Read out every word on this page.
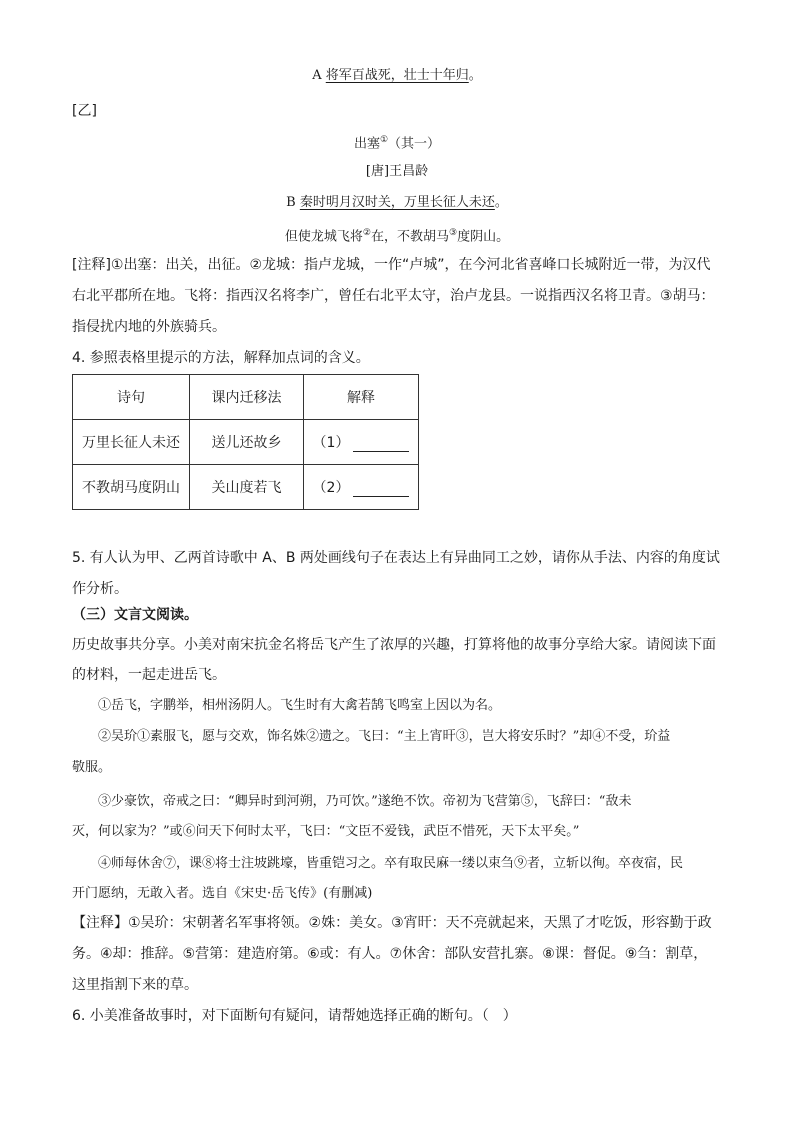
A 将军百战死，壮士十年归。
[乙]
出塞①（其一）
[唐]王昌龄
B 秦时明月汉时关，万里长征人未还。
但使龙城飞将②在，不教胡马③度阴山。
[注释]①出塞：出关，出征。②龙城：指卢龙城，一作“卢城”，在今河北省喜峰口长城附近一带，为汉代
右北平郡所在地。飞将：指西汉名将李广，曾任右北平太守，治卢龙县。一说指西汉名将卫青。③胡马：
指侵扰内地的外族骑兵。
4. 参照表格里提示的方法，解释加点词的含义。
诗句	课内迁移法	解释
万里长征人未还	送儿还故乡	（1）
不教胡马度阴山	关山度若飞	（2）
5. 有人认为甲、乙两首诗歌中 A、B 两处画线句子在表达上有异曲同工之妙，请你从手法、内容的角度试
作分析。
（三）文言文阅读。
历史故事共分享。小美对南宋抗金名将岳飞产生了浓厚的兴趣，打算将他的故事分享给大家。请阅读下面
的材料，一起走进岳飞。
①岳飞，字鹏举，相州汤阴人。飞生时有大禽若鹄飞鸣室上因以为名。
②吴玠①素服飞，愿与交欢，饰名姝②遗之。飞曰：“主上宵旰③，岂大将安乐时？”却④不受，玠益
敬服。
③少豪饮，帝戒之曰：“卿异时到河朔，乃可饮。”遂绝不饮。帝初为飞营第⑤，飞辞曰：“敌未
灭，何以家为？”或⑥问天下何时太平，飞曰：“文臣不爱钱，武臣不惜死，天下太平矣。”
④师每休舍⑦，课⑧将士注坡跳壕，皆重铠习之。卒有取民麻一缕以束刍⑨者，立斩以徇。卒夜宿，民
开门愿纳，无敢入者。选自《宋史·岳飞传》(有删减)
【注释】①吴玠：宋朝著名军事将领。②姝：美女。③宵旰：天不亮就起来，天黑了才吃饭，形容勤于政
务。④却：推辞。⑤营第：建造府第。⑥或：有人。⑦休舍：部队安营扎寨。⑧课：督促。⑨刍：割草，
这里指割下来的草。
6. 小美准备故事时，对下面断句有疑问，请帮她选择正确的断句。（　）
